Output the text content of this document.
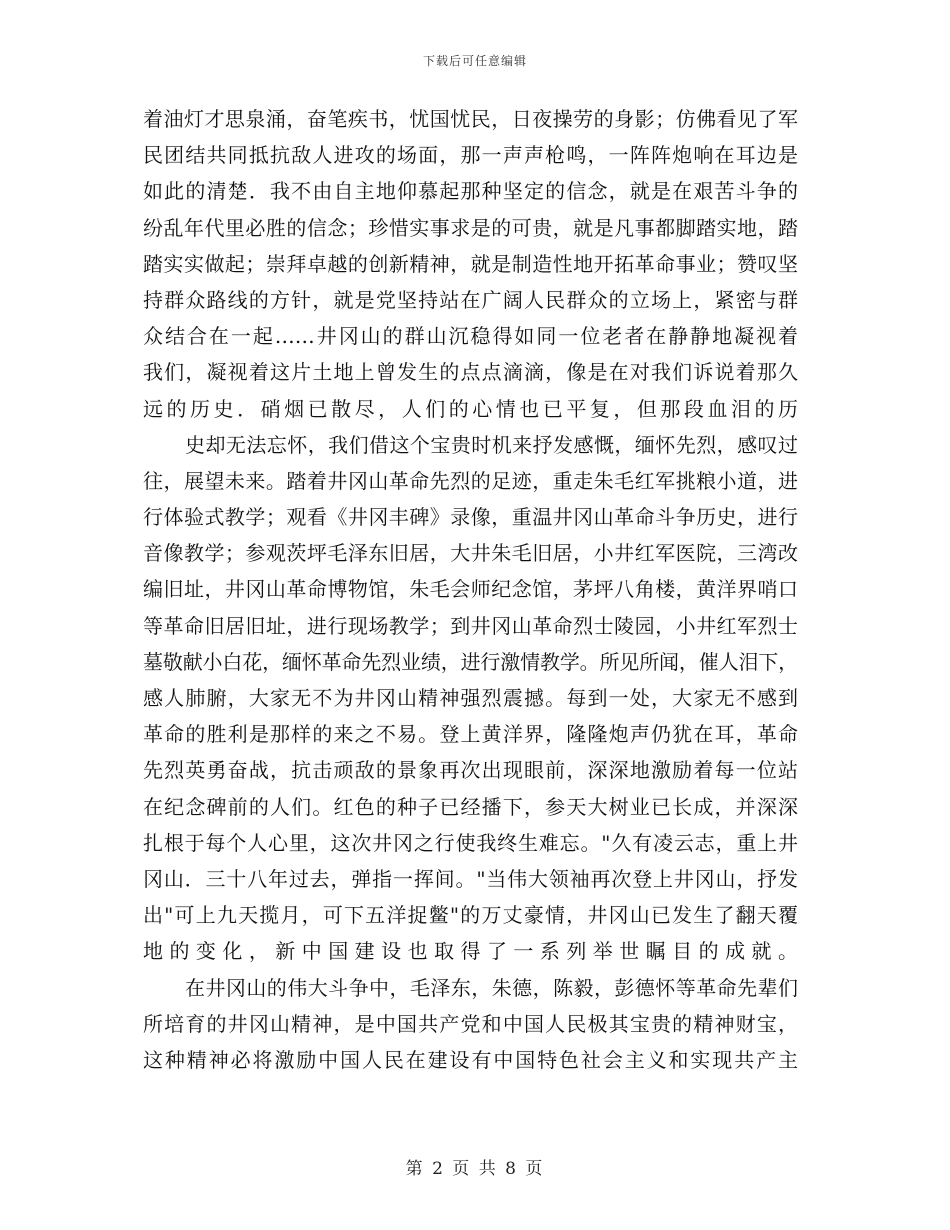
下载后可任意编辑
着油灯才思泉涌，奋笔疾书，忧国忧民，日夜操劳的身影；仿佛看见了军
民团结共同抵抗敌人进攻的场面，那一声声枪鸣，一阵阵炮响在耳边是
如此的清楚．我不由自主地仰慕起那种坚定的信念，就是在艰苦斗争的
纷乱年代里必胜的信念；珍惜实事求是的可贵，就是凡事都脚踏实地，踏
踏实实做起；崇拜卓越的创新精神，就是制造性地开拓革命事业；赞叹坚
持群众路线的方针，就是党坚持站在广阔人民群众的立场上，紧密与群
众结合在一起……井冈山的群山沉稳得如同一位老者在静静地凝视着
我们，凝视着这片土地上曾发生的点点滴滴，像是在对我们诉说着那久
远的历史．硝烟已散尽，人们的心情也已平复，但那段血泪的历
史却无法忘怀，我们借这个宝贵时机来抒发感慨，缅怀先烈，感叹过
往，展望未来。踏着井冈山革命先烈的足迹，重走朱毛红军挑粮小道，进
行体验式教学；观看《井冈丰碑》录像，重温井冈山革命斗争历史，进行
音像教学；参观茨坪毛泽东旧居，大井朱毛旧居，小井红军医院，三湾改
编旧址，井冈山革命博物馆，朱毛会师纪念馆，茅坪八角楼，黄洋界哨口
等革命旧居旧址，进行现场教学；到井冈山革命烈士陵园，小井红军烈士
墓敬献小白花，缅怀革命先烈业绩，进行激情教学。所见所闻，催人泪下，
感人肺腑，大家无不为井冈山精神强烈震撼。每到一处，大家无不感到
革命的胜利是那样的来之不易。登上黄洋界，隆隆炮声仍犹在耳，革命
先烈英勇奋战，抗击顽敌的景象再次出现眼前，深深地激励着每一位站
在纪念碑前的人们。红色的种子已经播下，参天大树业已长成，并深深
扎根于每个人心里，这次井冈之行使我终生难忘。"久有凌云志，重上井
冈山．三十八年过去，弹指一挥间。"当伟大领袖再次登上井冈山，抒发
出"可上九天揽月，可下五洋捉鳖"的万丈豪情，井冈山已发生了翻天覆
地的变化，新中国建设也取得了一系列举世瞩目的成就。
在井冈山的伟大斗争中，毛泽东，朱德，陈毅，彭德怀等革命先辈们
所培育的井冈山精神，是中国共产党和中国人民极其宝贵的精神财宝，
这种精神必将激励中国人民在建设有中国特色社会主义和实现共产主
第 2 页 共 8 页
